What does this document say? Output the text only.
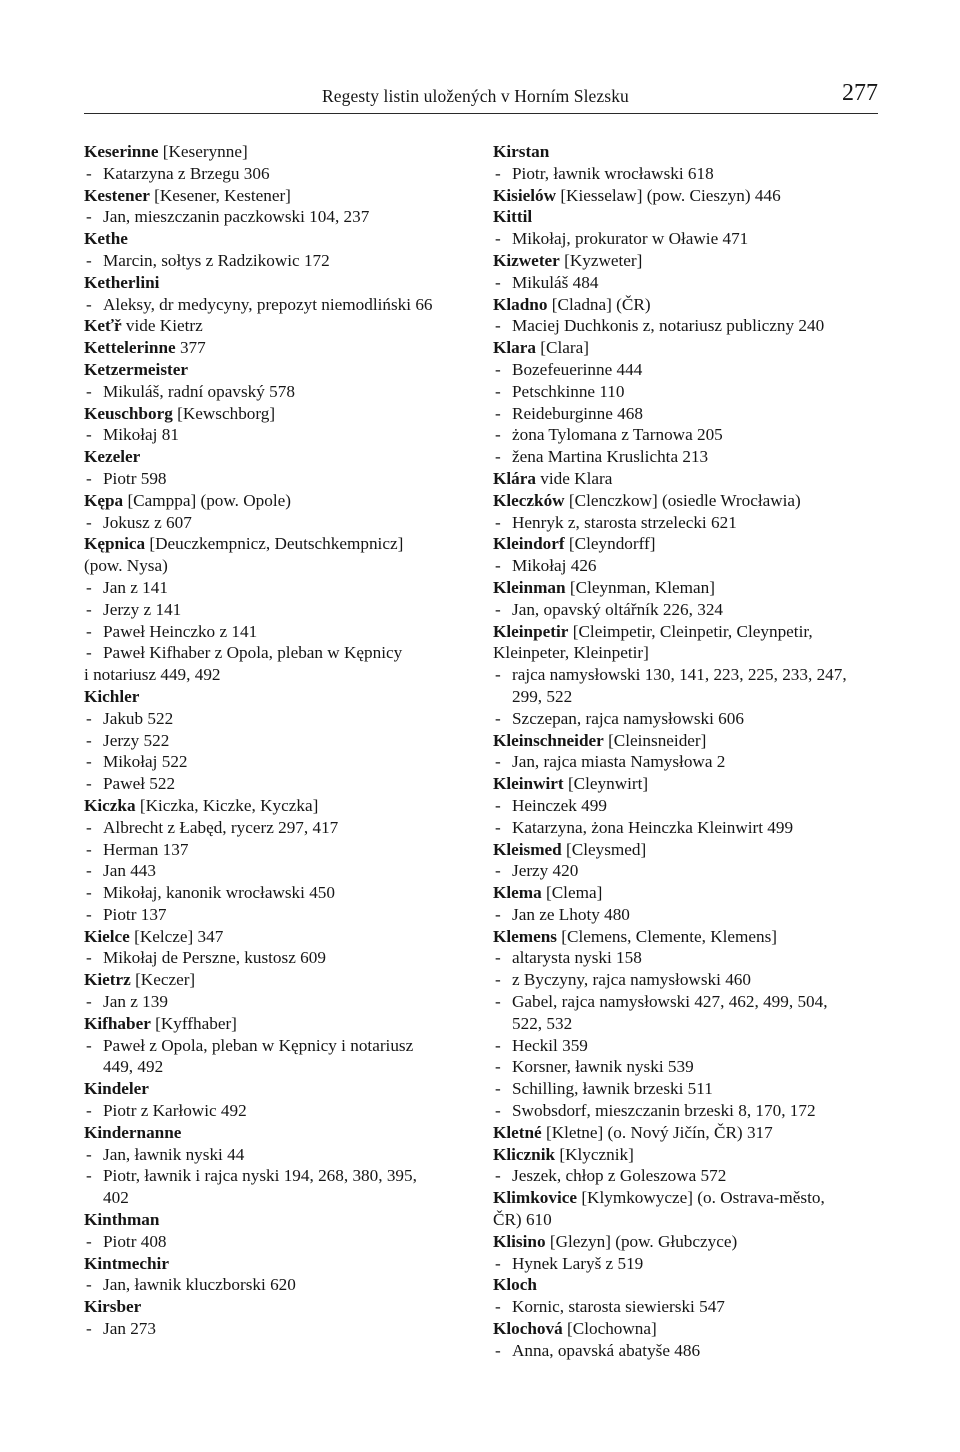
Regesty listin uložených v Horním Slezsku	277
Keserinne [Keserynne]
- Katarzyna z Brzegu 306
Kestener [Kesener, Kestener]
- Jan, mieszczanin paczkowski 104, 237
Kethe
- Marcin, sołtys z Radzikowic 172
Ketherlini
- Aleksy, dr medycyny, prepozyt niemodliński 66
Keťř vide Kietrz
Kettelerinne 377
Ketzermeister
- Mikuláš, radní opavský 578
Keuschborg [Kewschborg]
- Mikołaj 81
Kezeler
- Piotr 598
Kępa [Camppa] (pow. Opole)
- Jokusz z 607
Kępnica [Deuczkempnicz, Deutschkempnicz]
(pow. Nysa)
- Jan z 141
- Jerzy z 141
- Paweł Heinczko z 141
- Paweł Kifhaber z Opola, pleban w Kępnicy
i notariusz 449, 492
Kichler
- Jakub 522
- Jerzy 522
- Mikołaj 522
- Paweł 522
Kiczka [Kiczka, Kiczke, Kyczka]
- Albrecht z Łabęd, rycerz 297, 417
- Herman 137
- Jan 443
- Mikołaj, kanonik wrocławski 450
- Piotr 137
Kielce [Kelcze] 347
- Mikołaj de Perszne, kustosz 609
Kietrz [Keczer]
- Jan z 139
Kifhaber [Kyffhaber]
- Paweł z Opola, pleban w Kępnicy i notariusz
449, 492
Kindeler
- Piotr z Karłowic 492
Kindernanne
- Jan, ławnik nyski 44
- Piotr, ławnik i rajca nyski 194, 268, 380, 395,
402
Kinthman
- Piotr 408
Kintmechir
- Jan, ławnik kluczborski 620
Kirsber
- Jan 273
Kirstan
- Piotr, ławnik wrocławski 618
Kisielów [Kiesselaw] (pow. Cieszyn) 446
Kittil
- Mikołaj, prokurator w Oławie 471
Kizweter [Kyzweter]
- Mikuláš 484
Kladno [Cladna] (ČR)
- Maciej Duchkonis z, notariusz publiczny 240
Klara [Clara]
- Bozefeuerinne 444
- Petschkinne 110
- Reideburginne 468
- żona Tylomana z Tarnowa 205
- žena Martina Kruslichta 213
Klára vide Klara
Kleczków [Clenczkow] (osiedle Wrocławia)
- Henryk z, starosta strzelecki 621
Kleindorf [Cleyndorff]
- Mikołaj 426
Kleinman [Cleynman, Kleman]
- Jan, opavský oltářník 226, 324
Kleinpetir [Cleimpetir, Cleinpetir, Cleynpetir,
Kleinpeter, Kleinpetir]
- rajca namysłowski 130, 141, 223, 225, 233, 247,
299, 522
- Szczepan, rajca namysłowski 606
Kleinschneider [Cleinsneider]
- Jan, rajca miasta Namysłowa 2
Kleinwirt [Cleynwirt]
- Heinczek 499
- Katarzyna, żona Heinczka Kleinwirt 499
Kleismed [Cleysmed]
- Jerzy 420
Klema [Clema]
- Jan ze Lhoty 480
Klemens [Clemens, Clemente, Klemens]
- altarysta nyski 158
- z Byczyny, rajca namysłowski 460
- Gabel, rajca namysłowski 427, 462, 499, 504,
522, 532
- Heckil 359
- Korsner, ławnik nyski 539
- Schilling, ławnik brzeski 511
- Swobsdorf, mieszczanin brzeski 8, 170, 172
Kletné [Kletne] (o. Nový Jičín, ČR) 317
Klicznik [Klycznik]
- Jeszek, chłop z Goleszowa 572
Klimkovice [Klymkowycze] (o. Ostrava-město,
ČR) 610
Klisino [Glezyn] (pow. Głubczyce)
- Hynek Laryš z 519
Kloch
- Kornic, starosta siewierski 547
Klochová [Clochowna]
- Anna, opavská abatyše 486
